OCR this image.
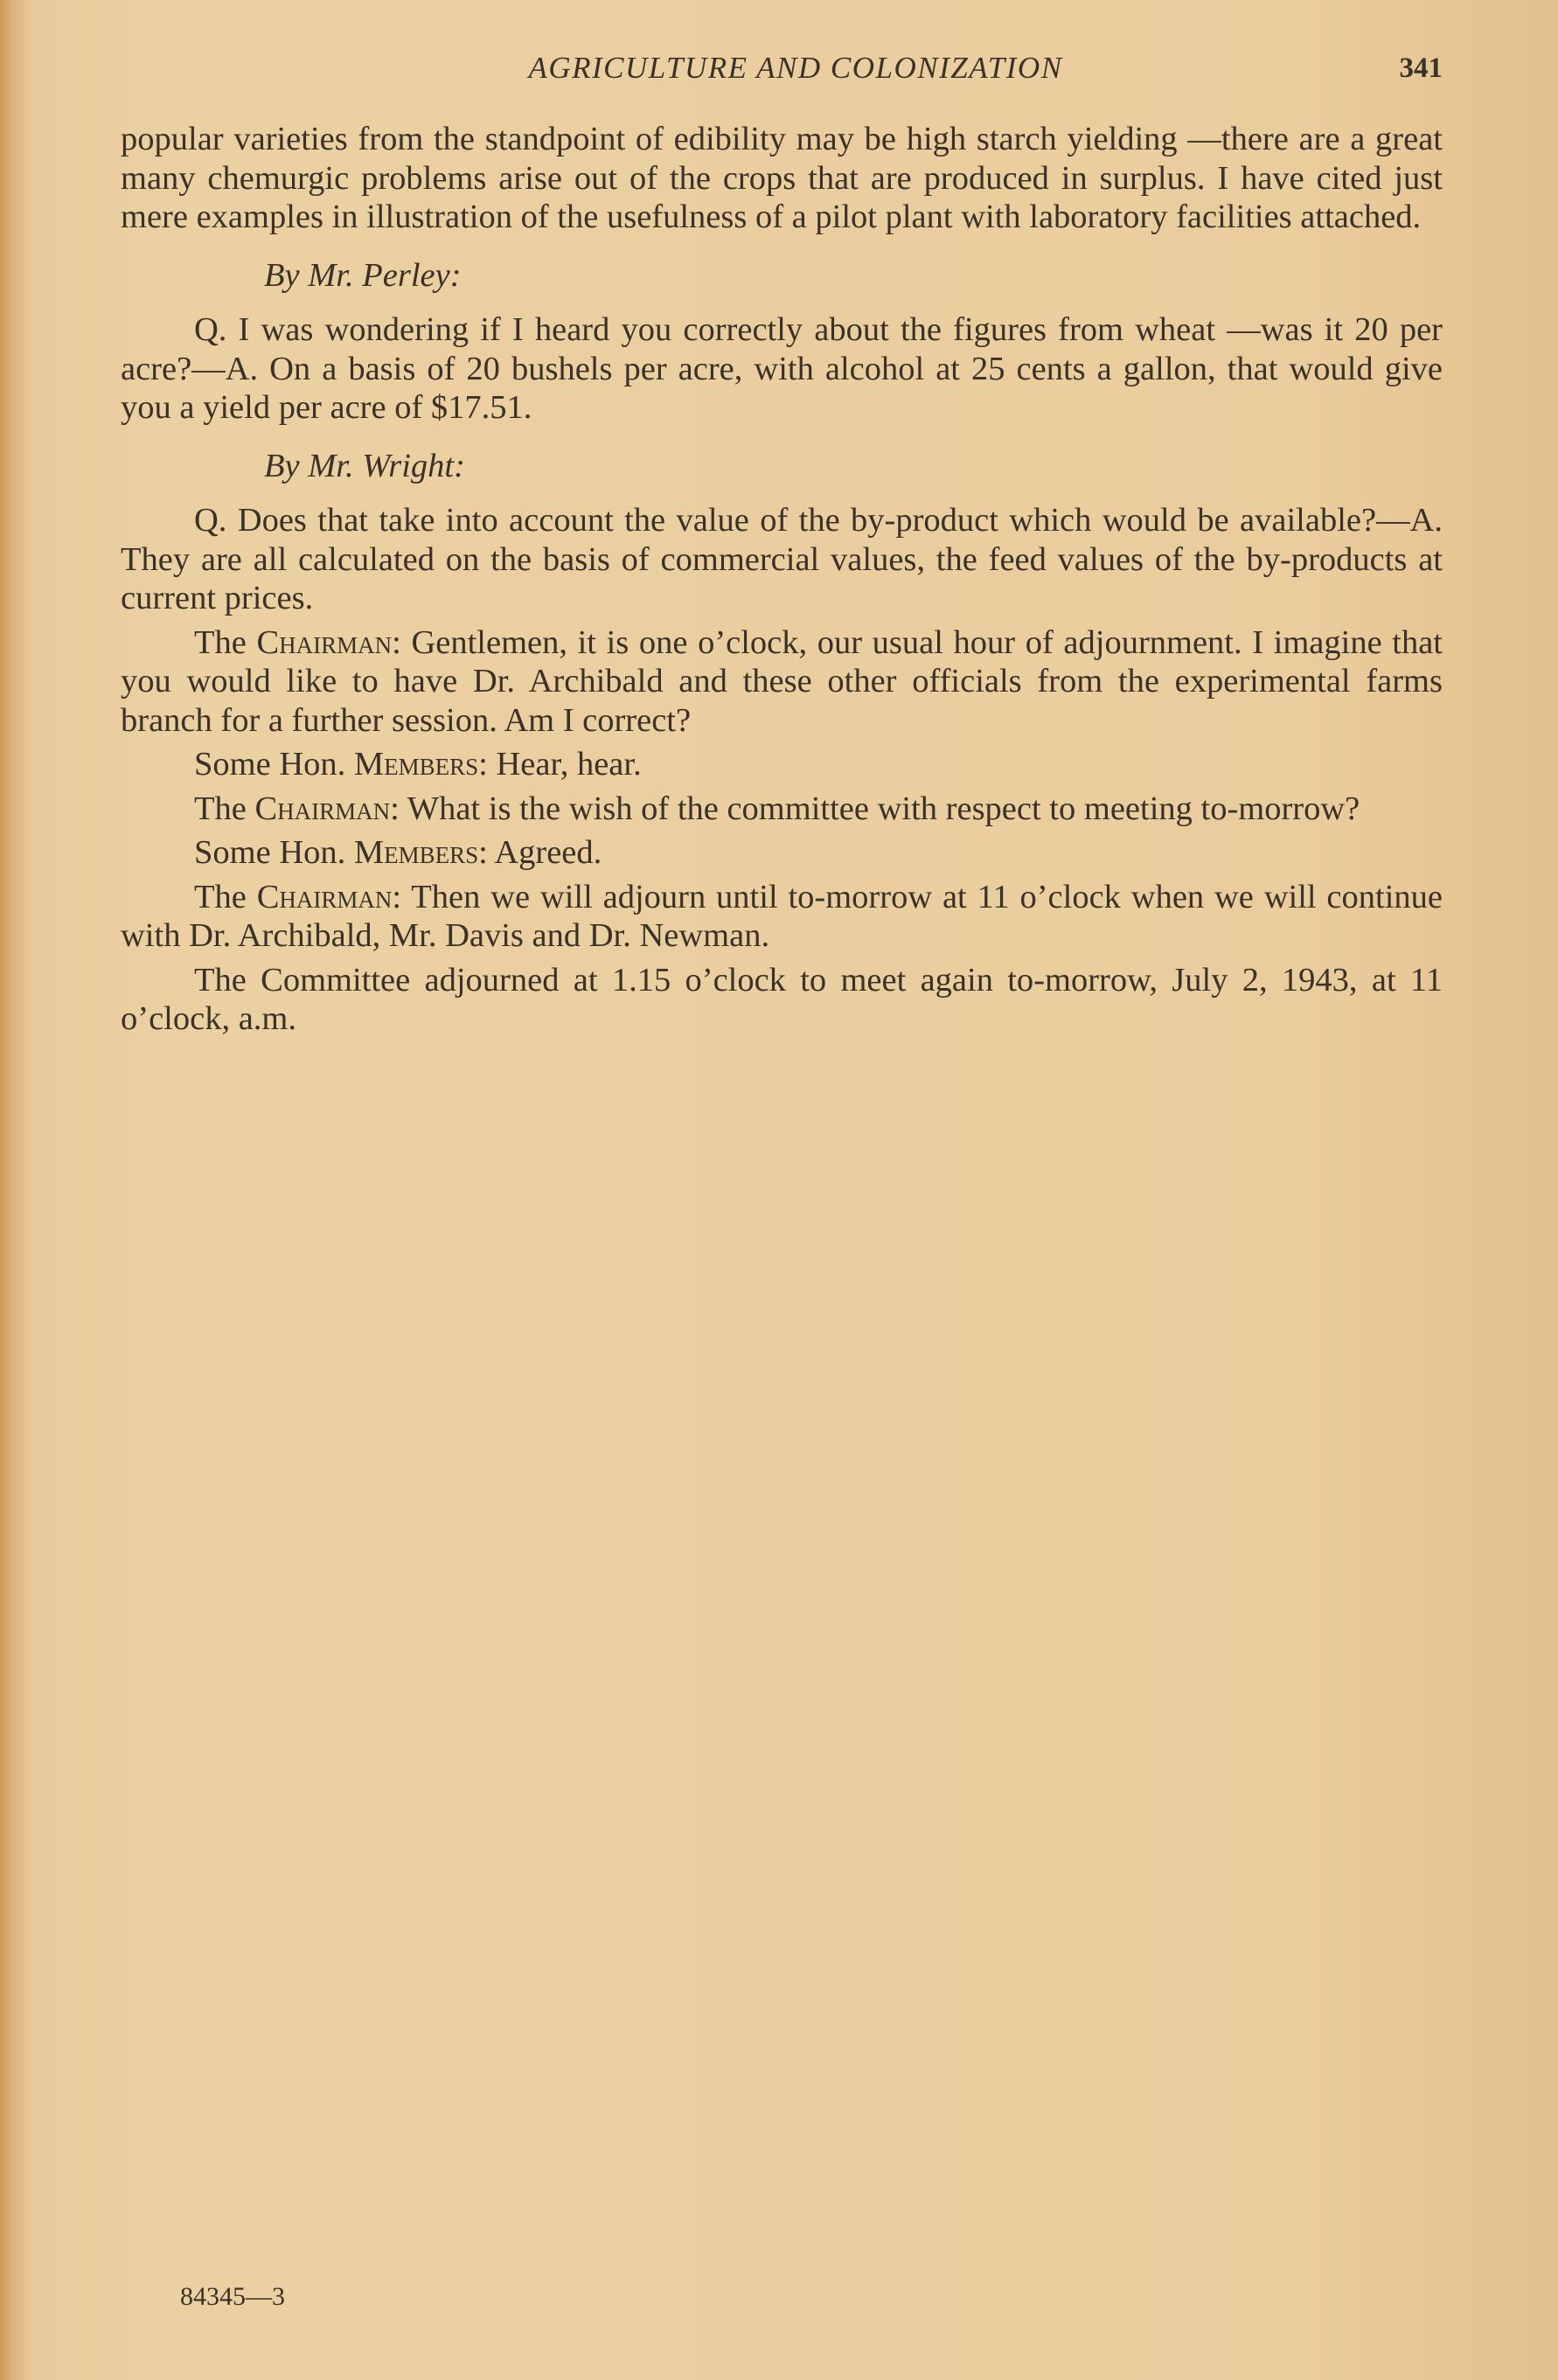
AGRICULTURE AND COLONIZATION	341

popular varieties from the standpoint of edibility may be high starch yielding —there are a great many chemurgic problems arise out of the crops that are produced in surplus. I have cited just mere examples in illustration of the usefulness of a pilot plant with laboratory facilities attached.

By Mr. Perley:

Q. I was wondering if I heard you correctly about the figures from wheat —was it 20 per acre?—A. On a basis of 20 bushels per acre, with alcohol at 25 cents a gallon, that would give you a yield per acre of $17.51.

By Mr. Wright:

Q. Does that take into account the value of the by-product which would be available?—A. They are all calculated on the basis of commercial values, the feed values of the by-products at current prices.

The Chairman: Gentlemen, it is one o’clock, our usual hour of adjournment. I imagine that you would like to have Dr. Archibald and these other officials from the experimental farms branch for a further session. Am I correct?

Some Hon. Members: Hear, hear.

The Chairman: What is the wish of the committee with respect to meeting to-morrow?

Some Hon. Members: Agreed.

The Chairman: Then we will adjourn until to-morrow at 11 o’clock when we will continue with Dr. Archibald, Mr. Davis and Dr. Newman.

The Committee adjourned at 1.15 o’clock to meet again to-morrow, July 2, 1943, at 11 o’clock, a.m.

84345—3
